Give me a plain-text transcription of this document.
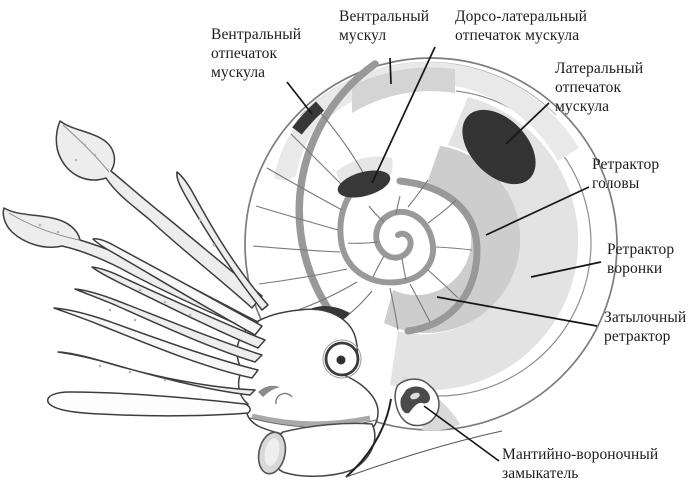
Вентральный
отпечаток
мускула
Вентральный
мускул
Дорсо-латеральный
отпечаток мускула
Латеральный
отпечаток
мускула
Ретрактор
головы
Ретрактор
воронки
Затылочный
ретрактор
Мантийно-вороночный
замыкатель
